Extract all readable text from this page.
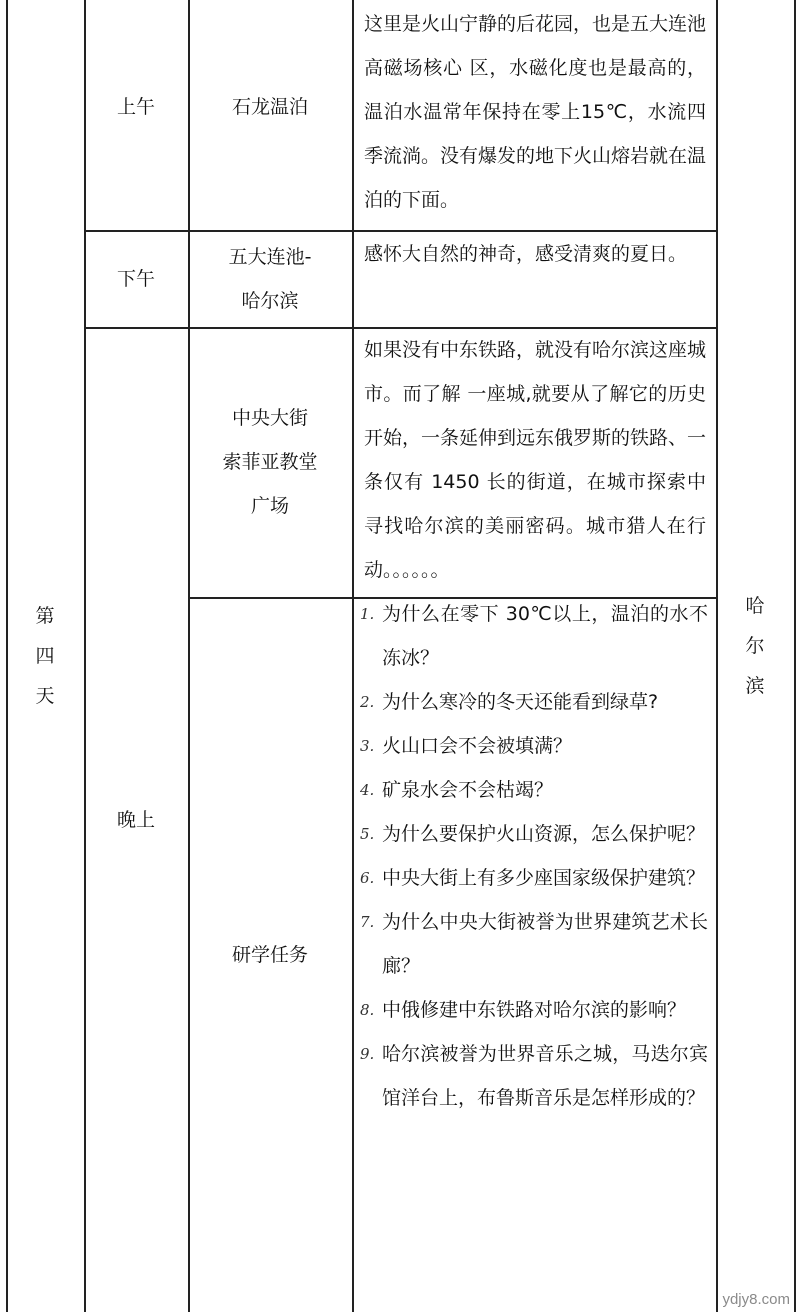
第
四
天
上午	石龙温泊
这里是火山宁静的后花园，也是五大连池高磁场核心 区，水磁化度也是最高的，温泊水温常年保持在零上15℃，水流四季流淌。没有爆发的地下火山熔岩就在温泊的下面。
下午
五大连池-
哈尔滨
感怀大自然的神奇，感受清爽的夏日。
晚上
中央大街
索菲亚教堂
广场
如果没有中东铁路，就没有哈尔滨这座城市。而了解 一座城,就要从了解它的历史开始，一条延伸到远东俄罗斯的铁路、一条仅有 1450 长的街道，在城市探索中寻找哈尔滨的美丽密码。城市猎人在行动。。。。。。
研学任务
1. 为什么在零下 30℃以上，温泊的水不冻冰？
2. 为什么寒冷的冬天还能看到绿草?
3. 火山口会不会被填满？
4. 矿泉水会不会枯竭？
5. 为什么要保护火山资源，怎么保护呢？
6. 中央大街上有多少座国家级保护建筑？
7. 为什么中央大街被誉为世界建筑艺术长廊？
8. 中俄修建中东铁路对哈尔滨的影响？
9. 哈尔滨被誉为世界音乐之城，马迭尔宾馆洋台上，布鲁斯音乐是怎样形成的？
哈
尔
滨
ydjy8.com
